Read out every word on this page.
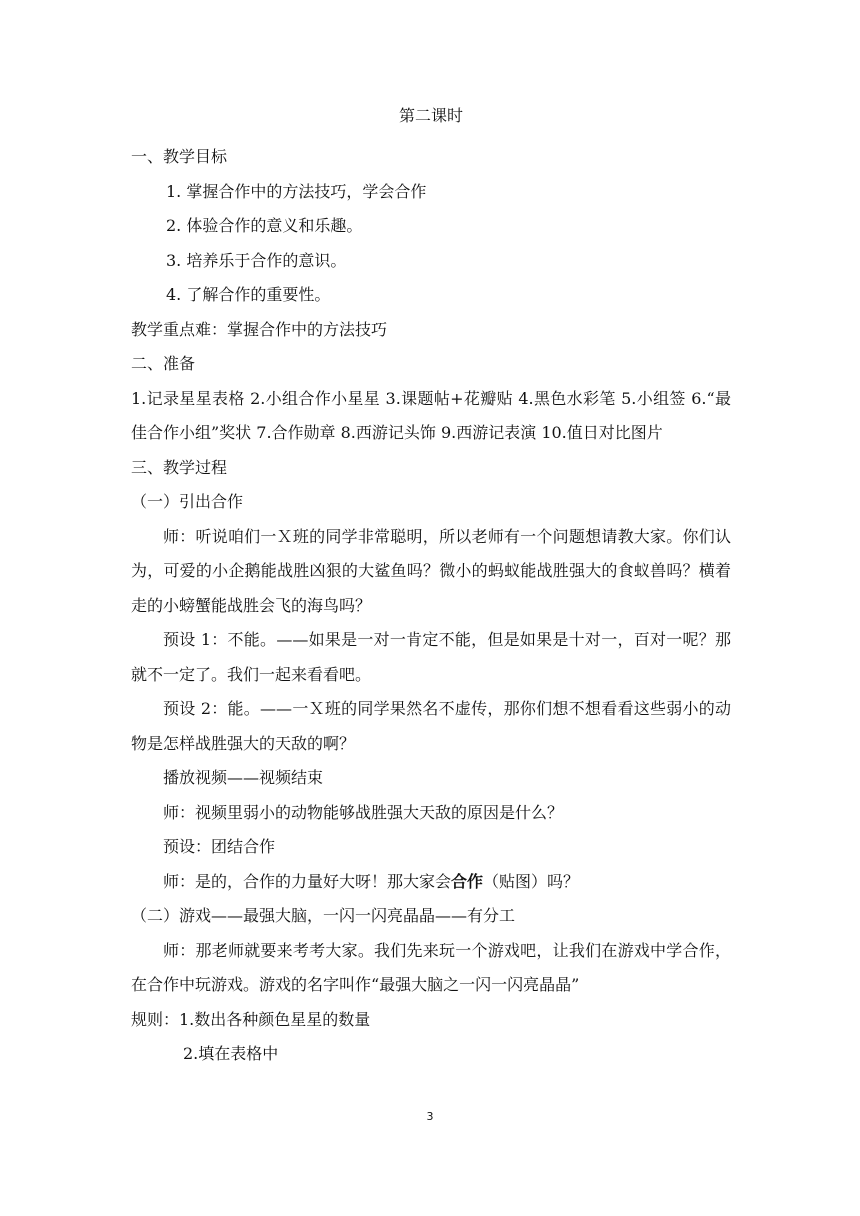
第二课时

一、教学目标

1. 掌握合作中的方法技巧，学会合作

2. 体验合作的意义和乐趣。

3. 培养乐于合作的意识。

4. 了解合作的重要性。

教学重点难：掌握合作中的方法技巧

二、准备

1.记录星星表格 2.小组合作小星星 3.课题帖+花瓣贴 4.黑色水彩笔 5.小组签 6.“最佳合作小组”奖状 7.合作勋章 8.西游记头饰 9.西游记表演 10.值日对比图片

三、教学过程

（一）引出合作

师：听说咱们一Ｘ班的同学非常聪明，所以老师有一个问题想请教大家。你们认为，可爱的小企鹅能战胜凶狠的大鲨鱼吗？微小的蚂蚁能战胜强大的食蚁兽吗？横着走的小螃蟹能战胜会飞的海鸟吗？

预设 1：不能。——如果是一对一肯定不能，但是如果是十对一，百对一呢？那就不一定了。我们一起来看看吧。

预设 2：能。——一Ｘ班的同学果然名不虚传，那你们想不想看看这些弱小的动物是怎样战胜强大的天敌的啊？

播放视频——视频结束

师：视频里弱小的动物能够战胜强大天敌的原因是什么？

预设：团结合作

师：是的，合作的力量好大呀！那大家会合作（贴图）吗？

（二）游戏——最强大脑，一闪一闪亮晶晶——有分工

师：那老师就要来考考大家。我们先来玩一个游戏吧，让我们在游戏中学合作，在合作中玩游戏。游戏的名字叫作“最强大脑之一闪一闪亮晶晶”

规则：1.数出各种颜色星星的数量

2.填在表格中

3
